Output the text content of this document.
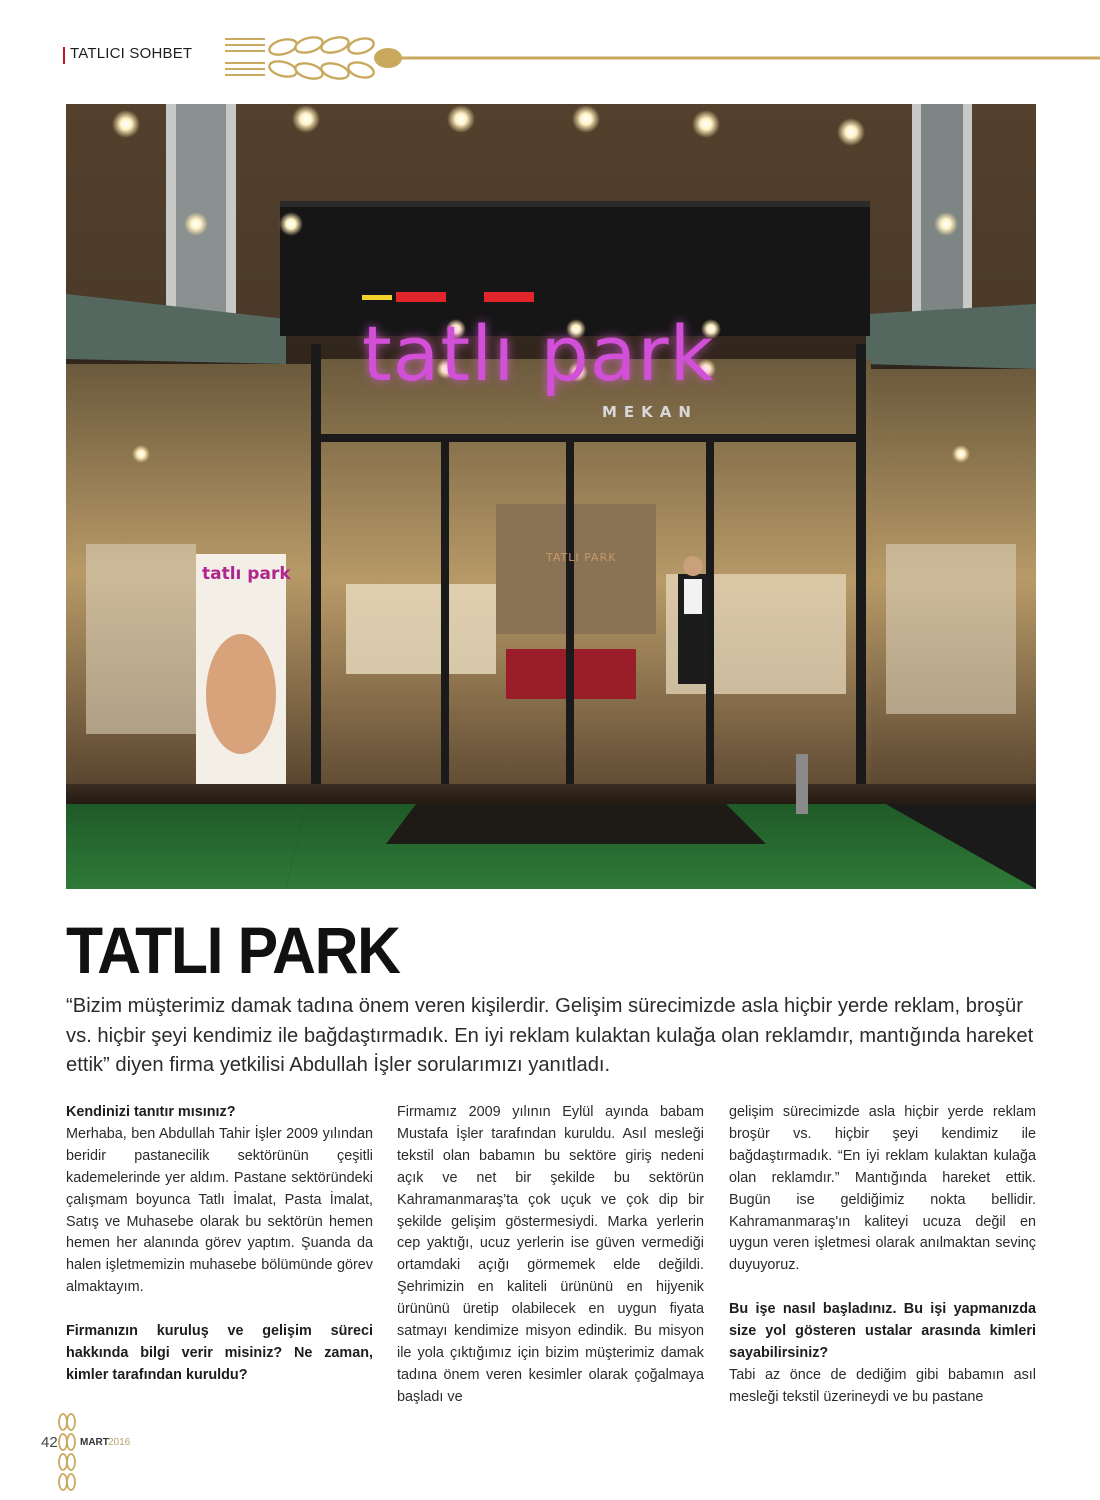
TATLICI SOHBET
tatlı park
MEKAN
tatlı park
TATLI PARK
TATLI PARK
“Bizim müşterimiz damak tadına önem veren kişilerdir. Gelişim sürecimizde asla hiçbir yerde reklam, broşür vs. hiçbir şeyi kendimiz ile bağdaştırmadık. En iyi reklam kulaktan kulağa olan reklamdır, mantığında hareket ettik” diyen firma yetkilisi Abdullah İşler sorularımızı yanıtladı.

Kendinizi tanıtır mısınız?

Merhaba, ben Abdullah Tahir İşler 2009 yılından beridir pastanecilik sektörünün çeşitli kademelerinde yer aldım. Pastane sektöründeki çalışmam boyunca Tatlı İmalat, Pasta İmalat, Satış ve Muhasebe olarak bu sektörün hemen hemen her alanında görev yaptım. Şuanda da halen işletmemizin muhasebe bölümünde görev almaktayım.

Firmanızın kuruluş ve gelişim süreci hakkında bilgi verir misiniz? Ne zaman, kimler tarafından kuruldu?

Firmamız 2009 yılının Eylül ayında babam Mustafa İşler tarafından kuruldu. Asıl mesleği tekstil olan babamın bu sektöre giriş nedeni açık ve net bir şekilde bu sektörün Kahramanmaraş'ta çok uçuk ve çok dip bir şekilde gelişim göstermesiydi. Marka yerlerin cep yaktığı, ucuz yerlerin ise güven vermediği ortamdaki açığı görmemek elde değildi. Şehrimizin en kaliteli ürününü en hijyenik ürününü üretip olabilecek en uygun fiyata satmayı kendimize misyon edindik. Bu misyon ile yola çıktığımız için bizim müşterimiz damak tadına önem veren kesimler olarak çoğalmaya başladı ve

gelişim sürecimizde asla hiçbir yerde reklam broşür vs. hiçbir şeyi kendimiz ile bağdaştırmadık. “En iyi reklam kulaktan kulağa olan reklamdır.” Mantığında hareket ettik. Bugün ise geldiğimiz nokta bellidir. Kahramanmaraş'ın kaliteyi ucuza değil en uygun veren işletmesi olarak anılmaktan sevinç duyuyoruz.

Bu işe nasıl başladınız. Bu işi yapmanızda size yol gösteren ustalar arasında kimleri sayabilirsiniz?

Tabi az önce de dediğim gibi babamın asıl mesleği tekstil üzerineydi ve bu pastane

42 MART 2016
